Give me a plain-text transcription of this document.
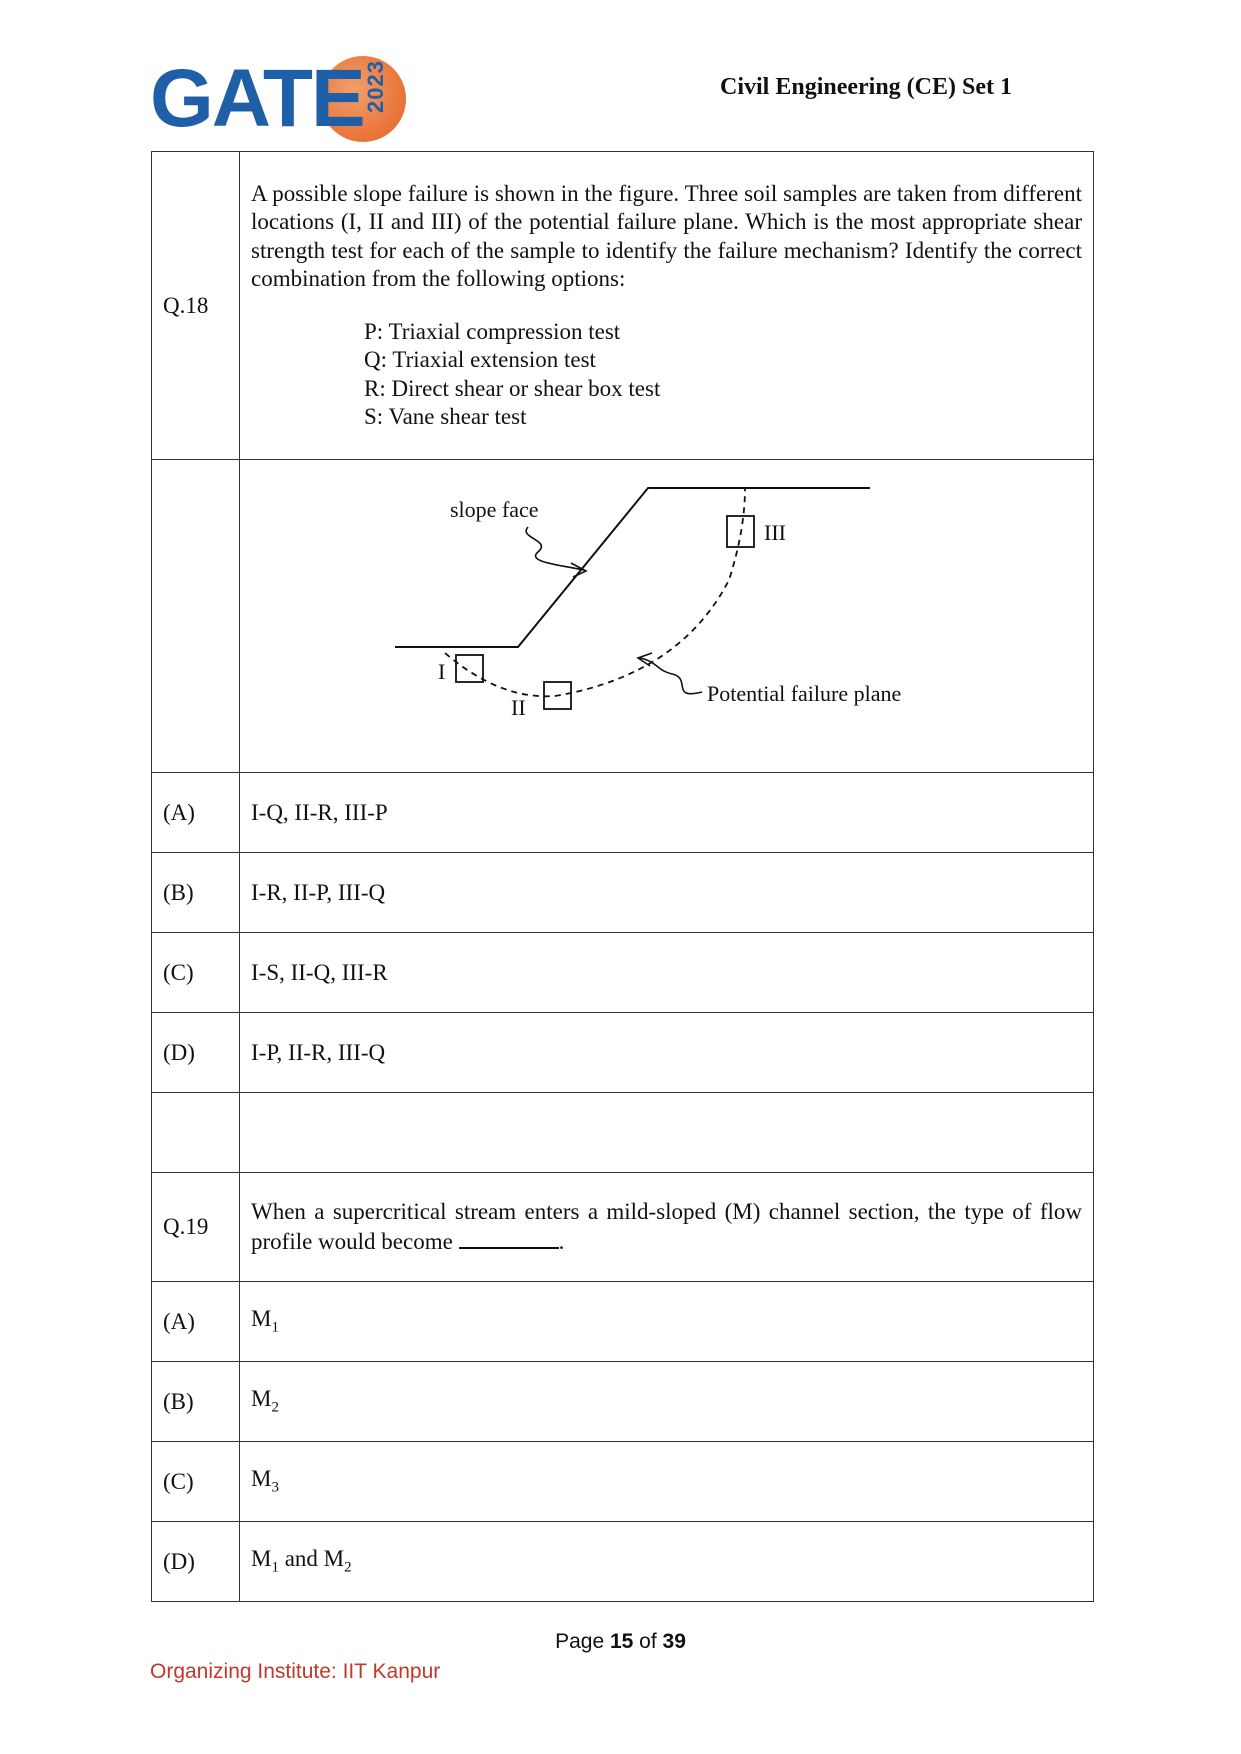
GATE 2023	Civil Engineering (CE) Set 1
Q.18	A possible slope failure is shown in the figure. Three soil samples are taken from different locations (I, II and III) of the potential failure plane. Which is the most appropriate shear strength test for each of the sample to identify the failure mechanism? Identify the correct combination from the following options:
P: Triaxial compression test
Q: Triaxial extension test
R: Direct shear or shear box test
S: Vane shear test

slope face
Potential failure plane
I
II
III

(A)	I-Q, II-R, III-P
(B)	I-R, II-P, III-Q
(C)	I-S, II-Q, III-R
(D)	I-P, II-R, III-Q

Q.19	When a supercritical stream enters a mild-sloped (M) channel section, the type of flow profile would become .

(A)	$M_1$
(B)	$M_2$
(C)	$M_3$
(D)	$M_1$ and $M_2$
Page 15 of 39
Organizing Institute: IIT Kanpur
